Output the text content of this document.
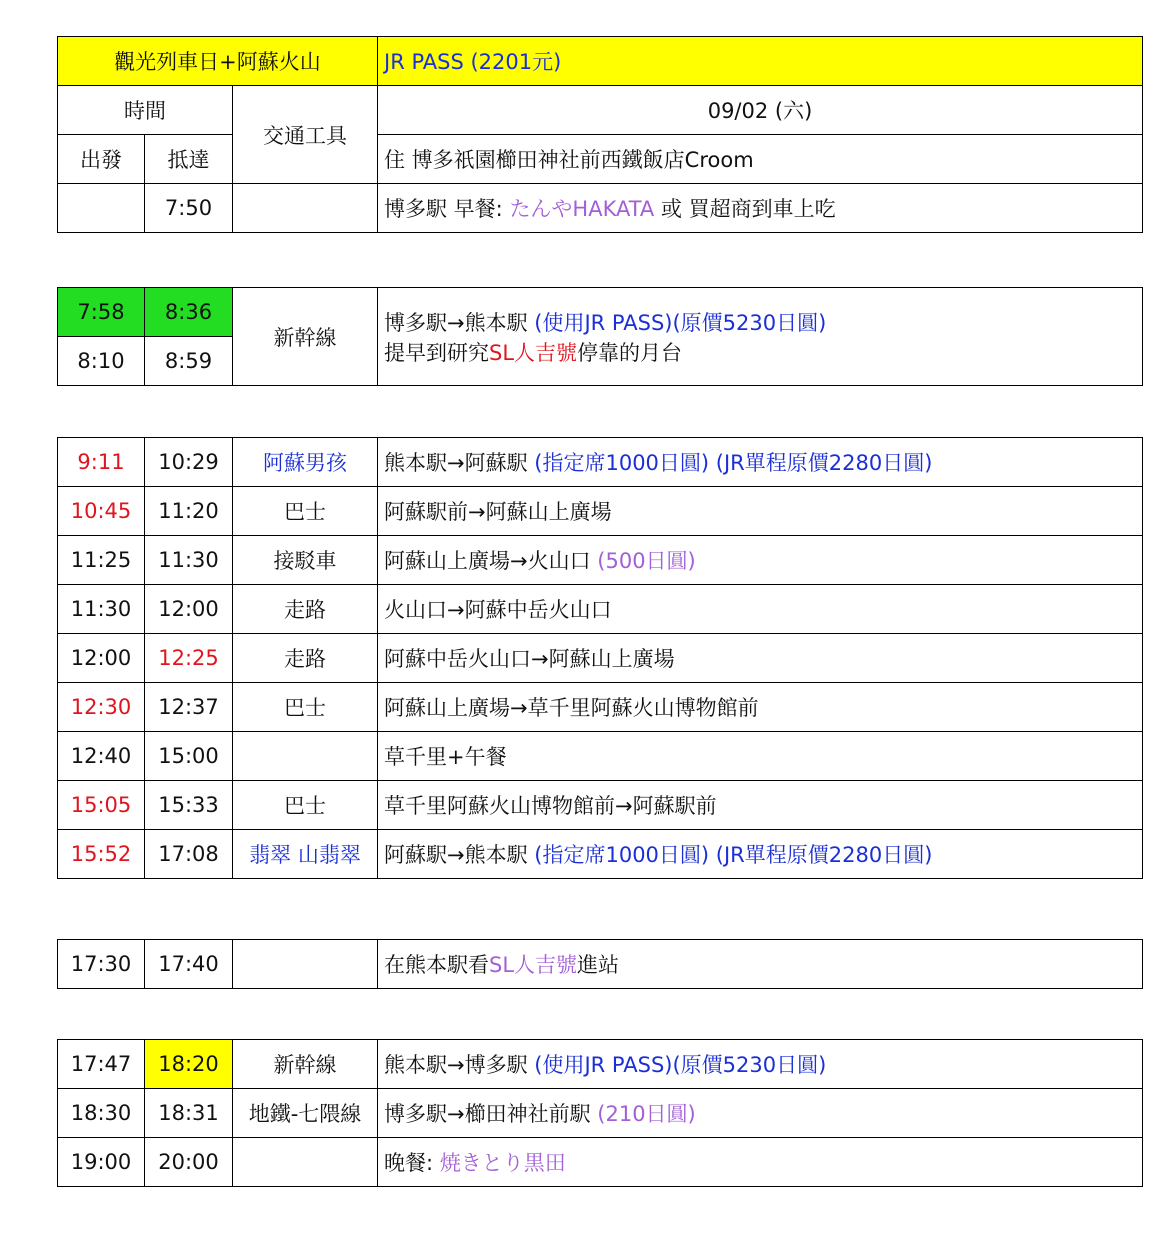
觀光列車日+阿蘇火山			JR PASS (2201元)
時間		交通工具	09/02 (六)
出發	抵達		住 博多祇園櫛田神社前西鐵飯店Croom
	7:50		博多駅 早餐: たんやHAKATA 或 買超商到車上吃
7:58	8:36	新幹線	博多駅→熊本駅 (使用JR PASS)(原價5230日圓)
提早到研究SL人吉號停靠的月台

8:10	8:59		
9:11	10:29	阿蘇男孩	熊本駅→阿蘇駅 (指定席1000日圓) (JR單程原價2280日圓)
10:45	11:20	巴士	阿蘇駅前→阿蘇山上廣場
11:25	11:30	接駁車	阿蘇山上廣場→火山口 (500日圓)
11:30	12:00	走路	火山口→阿蘇中岳火山口
12:00	12:25	走路	阿蘇中岳火山口→阿蘇山上廣場
12:30	12:37	巴士	阿蘇山上廣場→草千里阿蘇火山博物館前
12:40	15:00		草千里+午餐
15:05	15:33	巴士	草千里阿蘇火山博物館前→阿蘇駅前
15:52	17:08	翡翠 山翡翠	阿蘇駅→熊本駅 (指定席1000日圓) (JR單程原價2280日圓)
17:30	17:40		在熊本駅看SL人吉號進站
17:47	18:20	新幹線	熊本駅→博多駅 (使用JR PASS)(原價5230日圓)
18:30	18:31	地鐵-七隈線	博多駅→櫛田神社前駅 (210日圓)
19:00	20:00		晚餐: 焼きとり黒田
